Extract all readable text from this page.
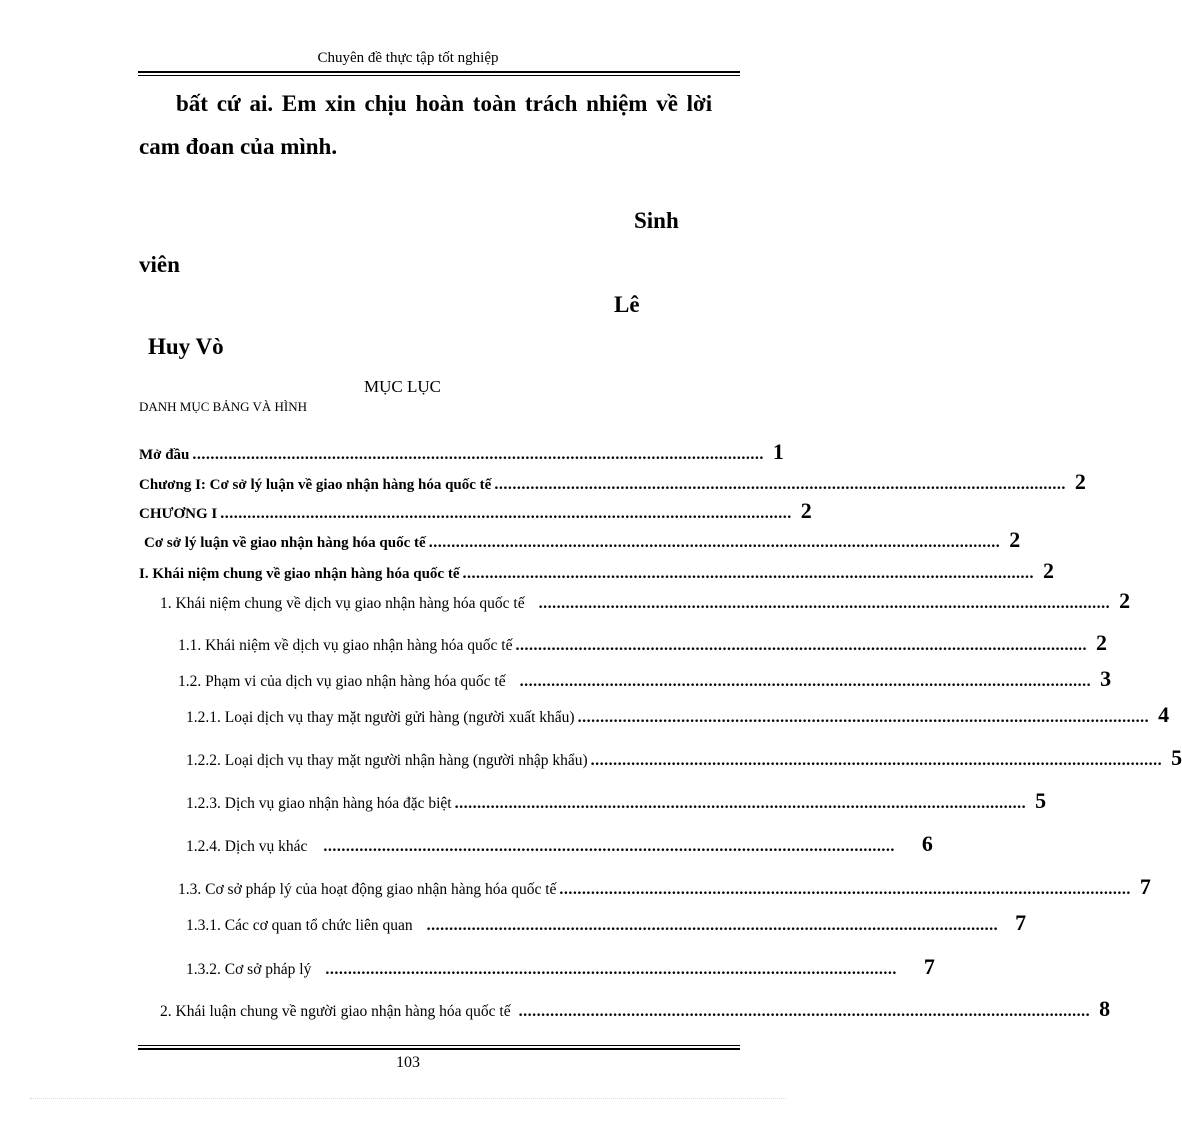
Chuyên đề thực tập tốt nghiệp
bất cứ ai. Em xin chịu hoàn toàn trách nhiệm về lời
cam đoan của mình.
Sinh
viên
Lê
Huy Vò
MỤC LỤC
DANH MỤC BẢNG VÀ HÌNH
Mở đầu ............................................................................................................................... 1
Chương I: Cơ sở lý luận về giao nhận hàng hóa quốc tế ............................................................................................................................... 2
CHƯƠNG I ............................................................................................................................... 2
Cơ sở lý luận về giao nhận hàng hóa quốc tế ............................................................................................................................... 2
I. Khái niệm chung về giao nhận hàng hóa quốc tế ............................................................................................................................... 2
1. Khái niệm chung về dịch vụ giao nhận hàng hóa quốc tế ............................................................................................................................... 2
1.1. Khái niệm về dịch vụ giao nhận hàng hóa quốc tế ............................................................................................................................... 2
1.2. Phạm vi của dịch vụ giao nhận hàng hóa quốc tế ............................................................................................................................... 3
1.2.1. Loại dịch vụ thay mặt người gửi hàng (người xuất khẩu) ............................................................................................................................... 4
1.2.2. Loại dịch vụ thay mặt người nhận hàng (người nhập khẩu) ............................................................................................................................... 5
1.2.3. Dịch vụ giao nhận hàng hóa đặc biệt ............................................................................................................................... 5
1.2.4. Dịch vụ khác ............................................................................................................................... 6
1.3. Cơ sở pháp lý của hoạt động giao nhận hàng hóa quốc tế ............................................................................................................................... 7
1.3.1. Các cơ quan tổ chức liên quan ............................................................................................................................... 7
1.3.2. Cơ sở pháp lý ............................................................................................................................... 7
2. Khái luận chung về người giao nhận hàng hóa quốc tế ............................................................................................................................... 8
103
